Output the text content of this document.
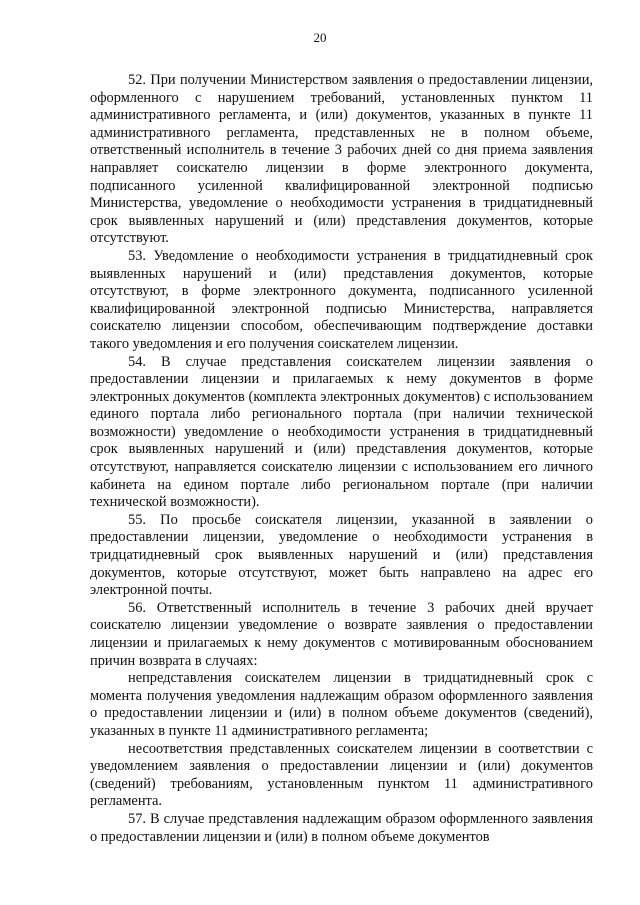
20

52. При получении Министерством заявления о предоставлении лицензии, оформленного с нарушением требований, установленных пунктом 11 административного регламента, и (или) документов, указанных в пункте 11 административного регламента, представленных не в полном объеме, ответственный исполнитель в течение 3 рабочих дней со дня приема заявления направляет соискателю лицензии в форме электронного документа, подписанного усиленной квалифицированной электронной подписью Министерства, уведомление о необходимости устранения в тридцатидневный срок выявленных нарушений и (или) представления документов, которые отсутствуют.

53. Уведомление о необходимости устранения в тридцатидневный срок выявленных нарушений и (или) представления документов, которые отсутствуют, в форме электронного документа, подписанного усиленной квалифицированной электронной подписью Министерства, направляется соискателю лицензии способом, обеспечивающим подтверждение доставки такого уведомления и его получения соискателем лицензии.

54. В случае представления соискателем лицензии заявления о предоставлении лицензии и прилагаемых к нему документов в форме электронных документов (комплекта электронных документов) с использованием единого портала либо регионального портала (при наличии технической возможности) уведомление о необходимости устранения в тридцатидневный срок выявленных нарушений и (или) представления документов, которые отсутствуют, направляется соискателю лицензии с использованием его личного кабинета на едином портале либо региональном портале (при наличии технической возможности).

55. По просьбе соискателя лицензии, указанной в заявлении о предоставлении лицензии, уведомление о необходимости устранения в тридцатидневный срок выявленных нарушений и (или) представления документов, которые отсутствуют, может быть направлено на адрес его электронной почты.

56. Ответственный исполнитель в течение 3 рабочих дней вручает соискателю лицензии уведомление о возврате заявления о предоставлении лицензии и прилагаемых к нему документов с мотивированным обоснованием причин возврата в случаях:

непредставления соискателем лицензии в тридцатидневный срок с момента получения уведомления надлежащим образом оформленного заявления о предоставлении лицензии и (или) в полном объеме документов (сведений), указанных в пункте 11 административного регламента;

несоответствия представленных соискателем лицензии в соответствии с уведомлением заявления о предоставлении лицензии и (или) документов (сведений) требованиям, установленным пунктом 11 административного регламента.

57. В случае представления надлежащим образом оформленного заявления о предоставлении лицензии и (или) в полном объеме документов
